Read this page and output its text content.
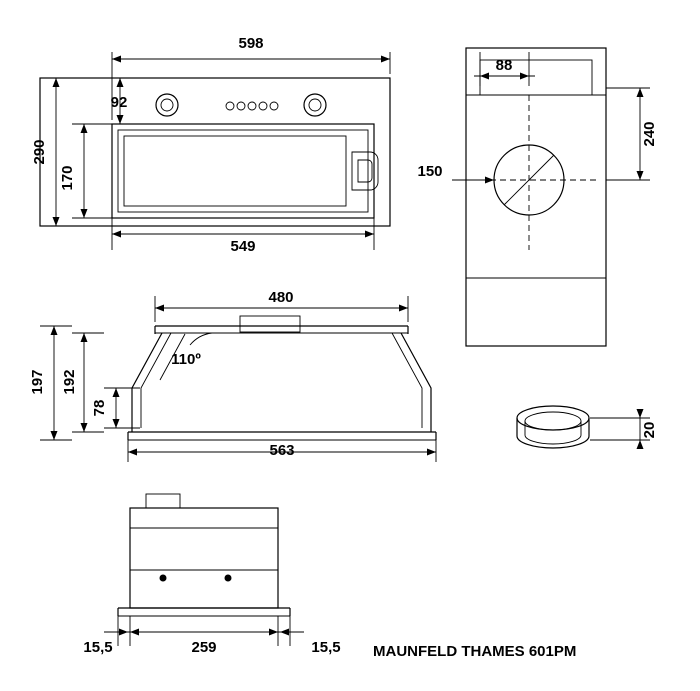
598
549
92
170
290
88
240
150
110º
480
563
78
192
197
20
259
15,5	15,5 MAUNFELD THAMES 601PM
